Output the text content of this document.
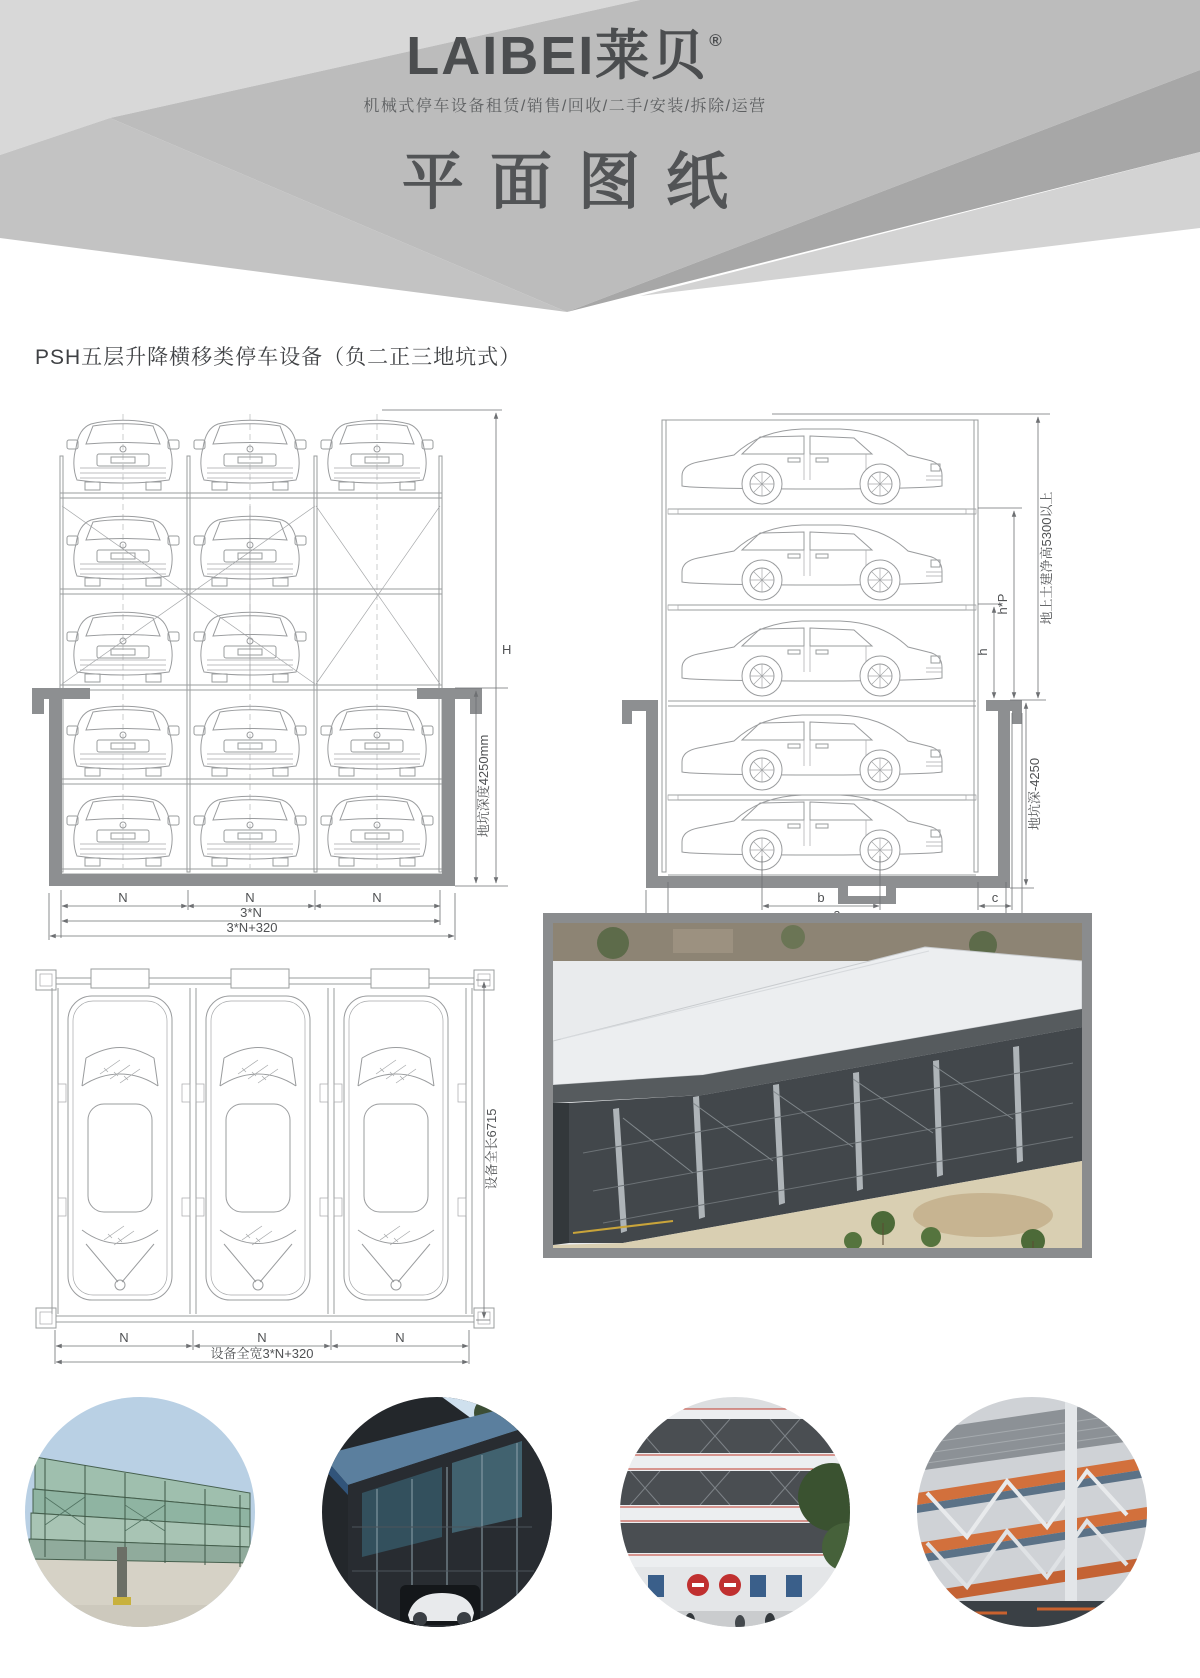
LAIBEI莱贝 ®
机械式停车设备租赁/销售/回收/二手/安装/拆除/运营
平面图纸
PSH五层升降横移类停车设备（负二正三地坑式）
地坑深度4250mm
H
N	N	N
3*N
3*N+320
h
h*P 地上土建净高5300以上
地坑深-4250
b	c
设备全长6715
N	N	N
设备全宽3*N+320
